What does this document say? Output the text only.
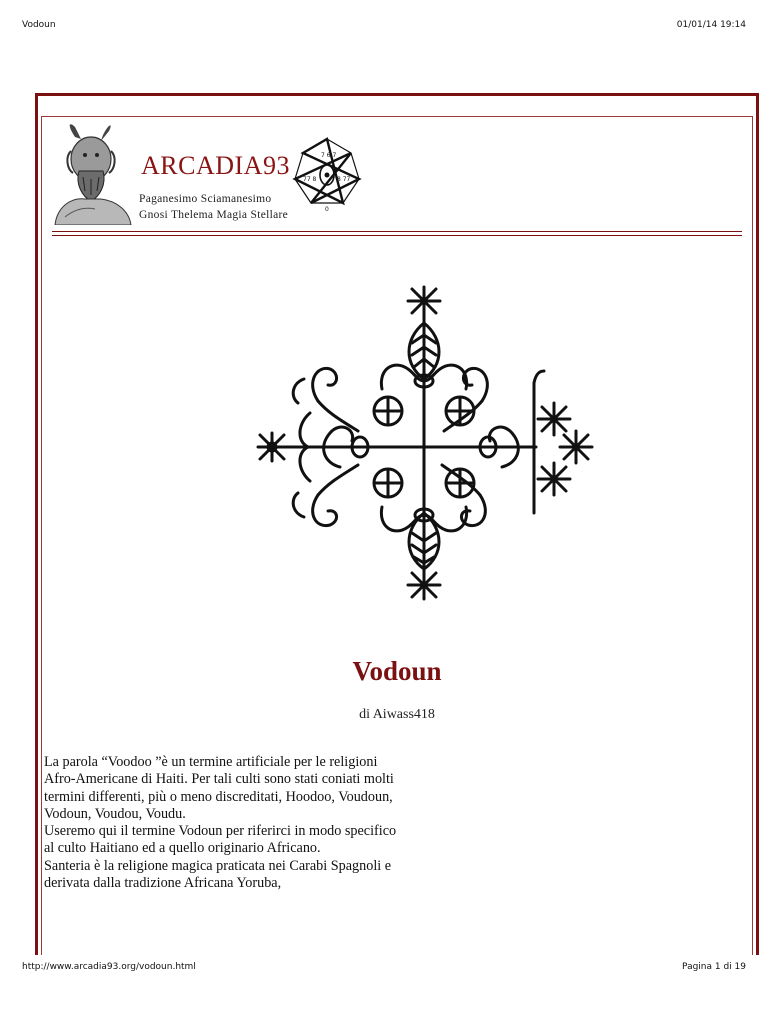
Vodoun	01/01/14 19:14
ARCADIA93	7 6 7
77 8	8 77
0
Paganesimo Sciamanesimo
Gnosi Thelema Magia Stellare
Vodoun
di Aiwass418

La parola “Voodoo ”è un termine artificiale per le religioni Afro-Americane di Haiti. Per tali culti sono stati coniati molti termini differenti, più o meno discreditati, Hoodoo, Voudoun, Vodoun, Voudou, Voudu.

Useremo qui il termine Vodoun per riferirci in modo specifico al culto Haitiano ed a quello originario Africano.

Santeria è la religione magica praticata nei Carabi Spagnoli e derivata dalla tradizione Africana Yoruba,

http://www.arcadia93.org/vodoun.html	Pagina 1 di 19
